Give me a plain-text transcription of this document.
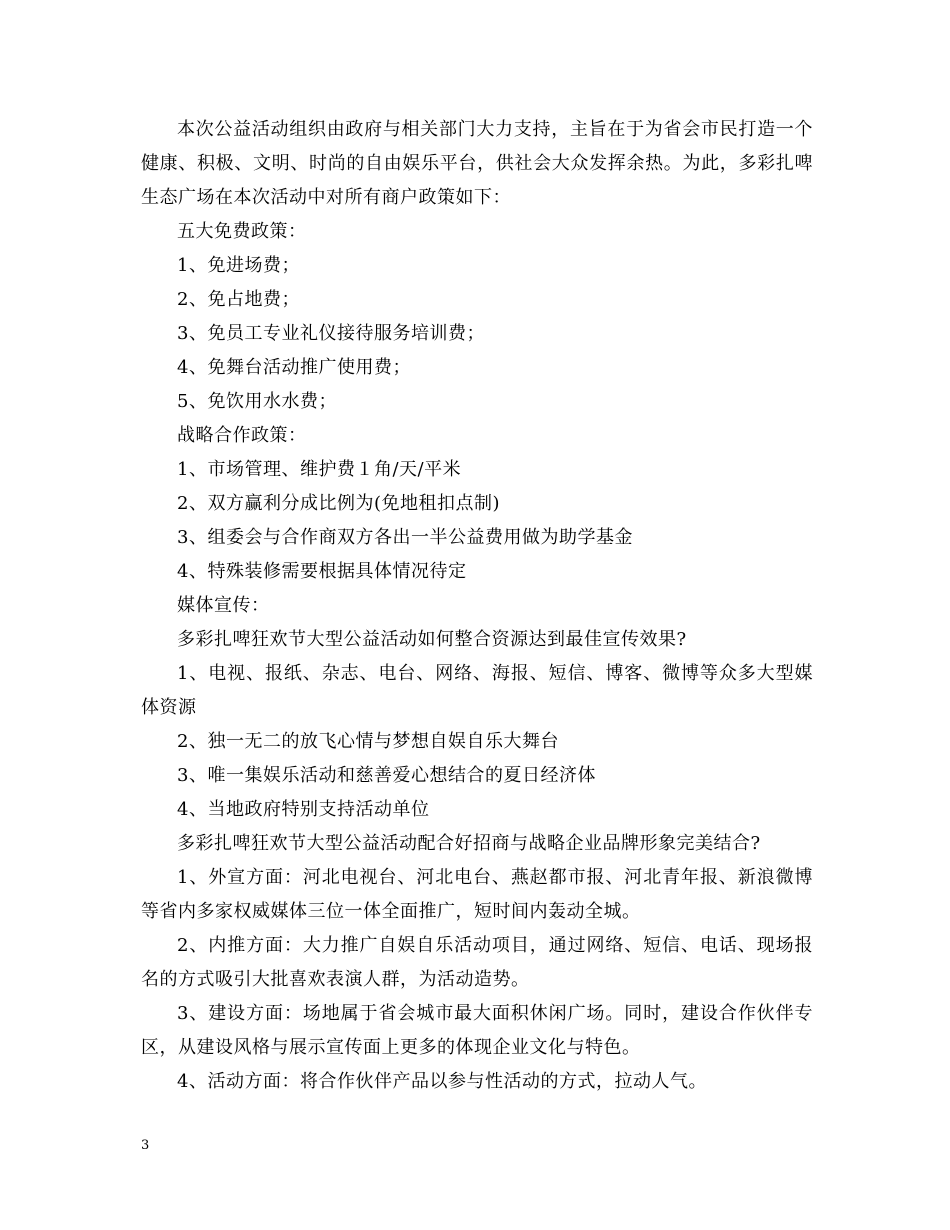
本次公益活动组织由政府与相关部门大力支持，主旨在于为省会市民打造一个健康、积极、文明、时尚的自由娱乐平台，供社会大众发挥余热。为此，多彩扎啤生态广场在本次活动中对所有商户政策如下：

五大免费政策：

1、免进场费；

2、免占地费；

3、免员工专业礼仪接待服务培训费；

4、免舞台活动推广使用费；

5、免饮用水水费；

战略合作政策：

1、市场管理、维护费１角/天/平米

2、双方赢利分成比例为(免地租扣点制)

3、组委会与合作商双方各出一半公益费用做为助学基金

4、特殊装修需要根据具体情况待定

媒体宣传：

多彩扎啤狂欢节大型公益活动如何整合资源达到最佳宣传效果?

1、电视、报纸、杂志、电台、网络、海报、短信、博客、微博等众多大型媒体资源

2、独一无二的放飞心情与梦想自娱自乐大舞台

3、唯一集娱乐活动和慈善爱心想结合的夏日经济体

4、当地政府特别支持活动单位

多彩扎啤狂欢节大型公益活动配合好招商与战略企业品牌形象完美结合?

1、外宣方面：河北电视台、河北电台、燕赵都市报、河北青年报、新浪微博等省内多家权威媒体三位一体全面推广，短时间内轰动全城。

2、内推方面：大力推广自娱自乐活动项目，通过网络、短信、电话、现场报名的方式吸引大批喜欢表演人群，为活动造势。

3、建设方面：场地属于省会城市最大面积休闲广场。同时，建设合作伙伴专区，从建设风格与展示宣传面上更多的体现企业文化与特色。

4、活动方面：将合作伙伴产品以参与性活动的方式，拉动人气。

3
